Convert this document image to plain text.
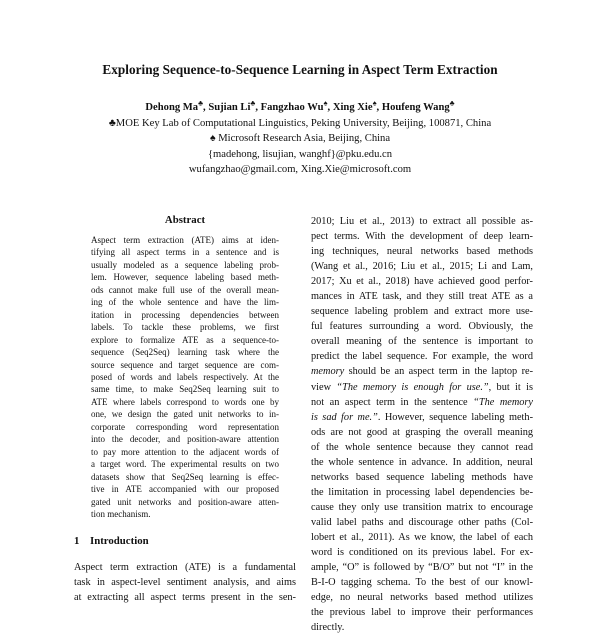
Exploring Sequence-to-Sequence Learning in Aspect Term Extraction
Dehong Ma♣, Sujian Li♣, Fangzhao Wu♠, Xing Xie♠, Houfeng Wang♣
♣MOE Key Lab of Computational Linguistics, Peking University, Beijing, 100871, China
♠ Microsoft Research Asia, Beijing, China
{madehong, lisujian, wanghf}@pku.edu.cn
wufangzhao@gmail.com, Xing.Xie@microsoft.com
Abstract
Aspect term extraction (ATE) aims at iden-
tifying all aspect terms in a sentence and is
usually modeled as a sequence labeling prob-
lem. However, sequence labeling based meth-
ods cannot make full use of the overall mean-
ing of the whole sentence and have the lim-
itation in processing dependencies between
labels. To tackle these problems, we first
explore to formalize ATE as a sequence-to-
sequence (Seq2Seq) learning task where the
source sequence and target sequence are com-
posed of words and labels respectively. At the
same time, to make Seq2Seq learning suit to
ATE where labels correspond to words one by
one, we design the gated unit networks to in-
corporate corresponding word representation
into the decoder, and position-aware attention
to pay more attention to the adjacent words of
a target word. The experimental results on two
datasets show that Seq2Seq learning is effec-
tive in ATE accompanied with our proposed
gated unit networks and position-aware atten-
tion mechanism.
1 Introduction
Aspect term extraction (ATE) is a fundamental
task in aspect-level sentiment analysis, and aims
at extracting all aspect terms present in the sen-
2010; Liu et al., 2013) to extract all possible as-
pect terms. With the development of deep learn-
ing techniques, neural networks based methods
(Wang et al., 2016; Liu et al., 2015; Li and Lam,
2017; Xu et al., 2018) have achieved good perfor-
mances in ATE task, and they still treat ATE as a
sequence labeling problem and extract more use-
ful features surrounding a word. Obviously, the
overall meaning of the sentence is important to
predict the label sequence. For example, the word
memory should be an aspect term in the laptop re-
view “The memory is enough for use.”, but it is
not an aspect term in the sentence “The memory
is sad for me.”. However, sequence labeling meth-
ods are not good at grasping the overall meaning
of the whole sentence because they cannot read
the whole sentence in advance. In addition, neural
networks based sequence labeling methods have
the limitation in processing label dependencies be-
cause they only use transition matrix to encourage
valid label paths and discourage other paths (Col-
lobert et al., 2011). As we know, the label of each
word is conditioned on its previous label. For ex-
ample, “O” is followed by “B/O” but not “I” in the
B-I-O tagging schema. To the best of our knowl-
edge, no neural networks based method utilizes
the previous label to improve their performances
directly.
